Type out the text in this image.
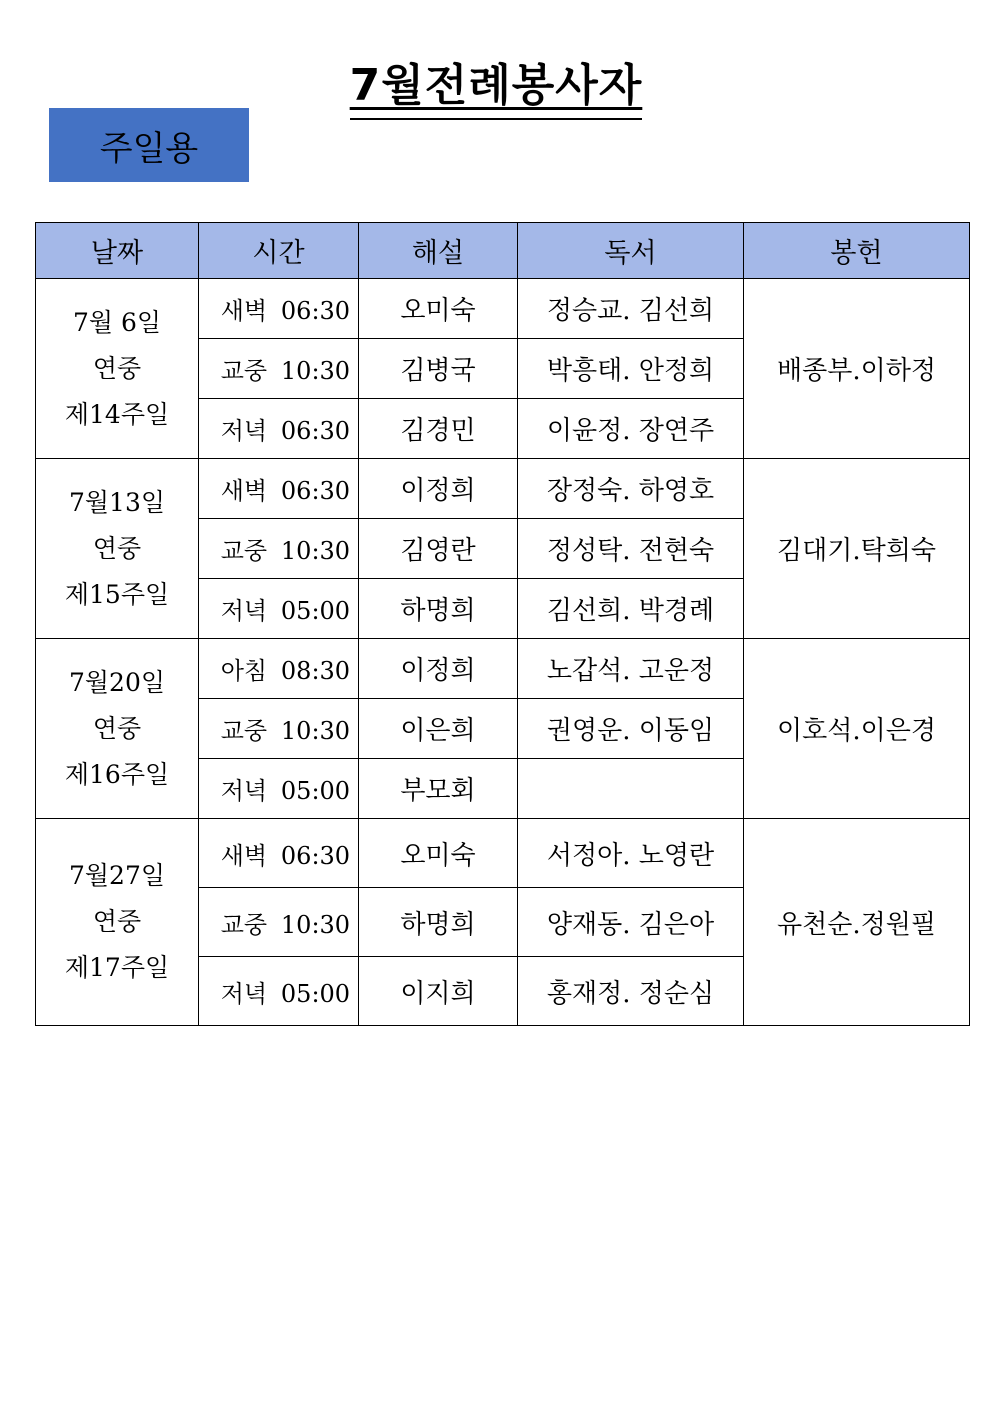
7월전례봉사자
주일용
날짜	시간	해설	독서	봉헌

7월 6일
연중
제14주일	새벽 06:30	오미숙	정승교. 김선희	배종부.이하정
	교중 10:30	김병국	박흥태. 안정희	
	저녁 06:30	김경민	이윤정. 장연주	

7월13일
연중
제15주일	새벽 06:30	이정희	장정숙. 하영호	김대기.탁희숙
	교중 10:30	김영란	정성탁. 전현숙	
	저녁 05:00	하명희	김선희. 박경례	

7월20일
연중
제16주일	아침 08:30	이정희	노갑석. 고운정	이호석.이은경
	교중 10:30	이은희	권영운. 이동임	
	저녁 05:00	부모회		

7월27일
연중
제17주일	새벽 06:30	오미숙	서정아. 노영란	유천순.정원필
	교중 10:30	하명희	양재동. 김은아	
	저녁 05:00	이지희	홍재정. 정순심	
